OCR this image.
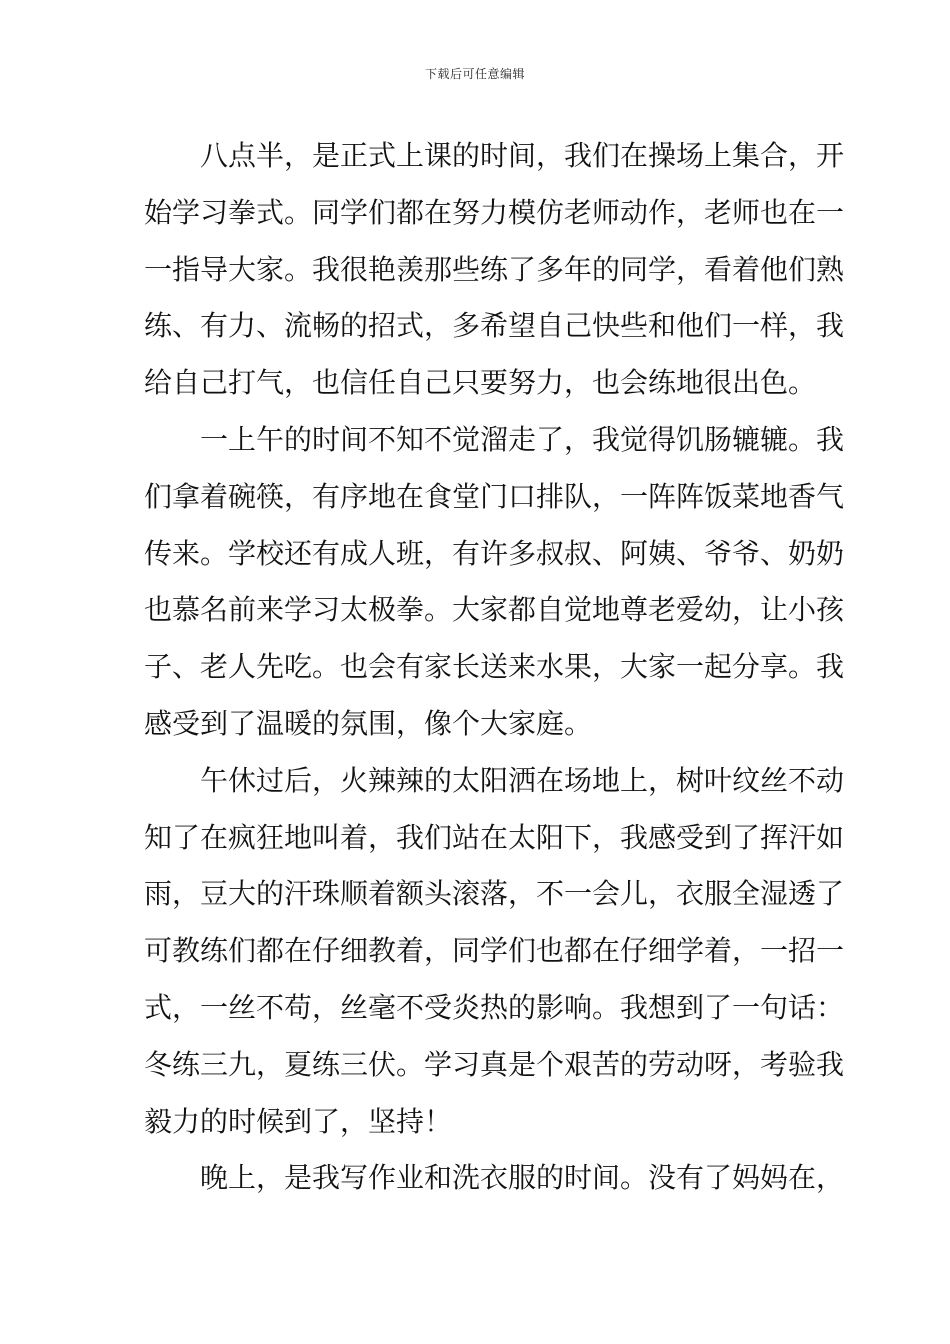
下载后可任意编辑
八点半，是正式上课的时间，我们在操场上集合，开
始学习拳式。同学们都在努力模仿老师动作，老师也在一
一指导大家。我很艳羡那些练了多年的同学，看着他们熟
练、有力、流畅的招式，多希望自己快些和他们一样，我
给自己打气，也信任自己只要努力，也会练地很出色。
一上午的时间不知不觉溜走了，我觉得饥肠辘辘。我
们拿着碗筷，有序地在食堂门口排队，一阵阵饭菜地香气
传来。学校还有成人班，有许多叔叔、阿姨、爷爷、奶奶
也慕名前来学习太极拳。大家都自觉地尊老爱幼，让小孩
子、老人先吃。也会有家长送来水果，大家一起分享。我
感受到了温暖的氛围，像个大家庭。
午休过后，火辣辣的太阳洒在场地上，树叶纹丝不动
知了在疯狂地叫着，我们站在太阳下，我感受到了挥汗如
雨，豆大的汗珠顺着额头滚落，不一会儿，衣服全湿透了
可教练们都在仔细教着，同学们也都在仔细学着，一招一
式，一丝不苟，丝毫不受炎热的影响。我想到了一句话：
冬练三九，夏练三伏。学习真是个艰苦的劳动呀，考验我
毅力的时候到了，坚持！
晚上，是我写作业和洗衣服的时间。没有了妈妈在，
